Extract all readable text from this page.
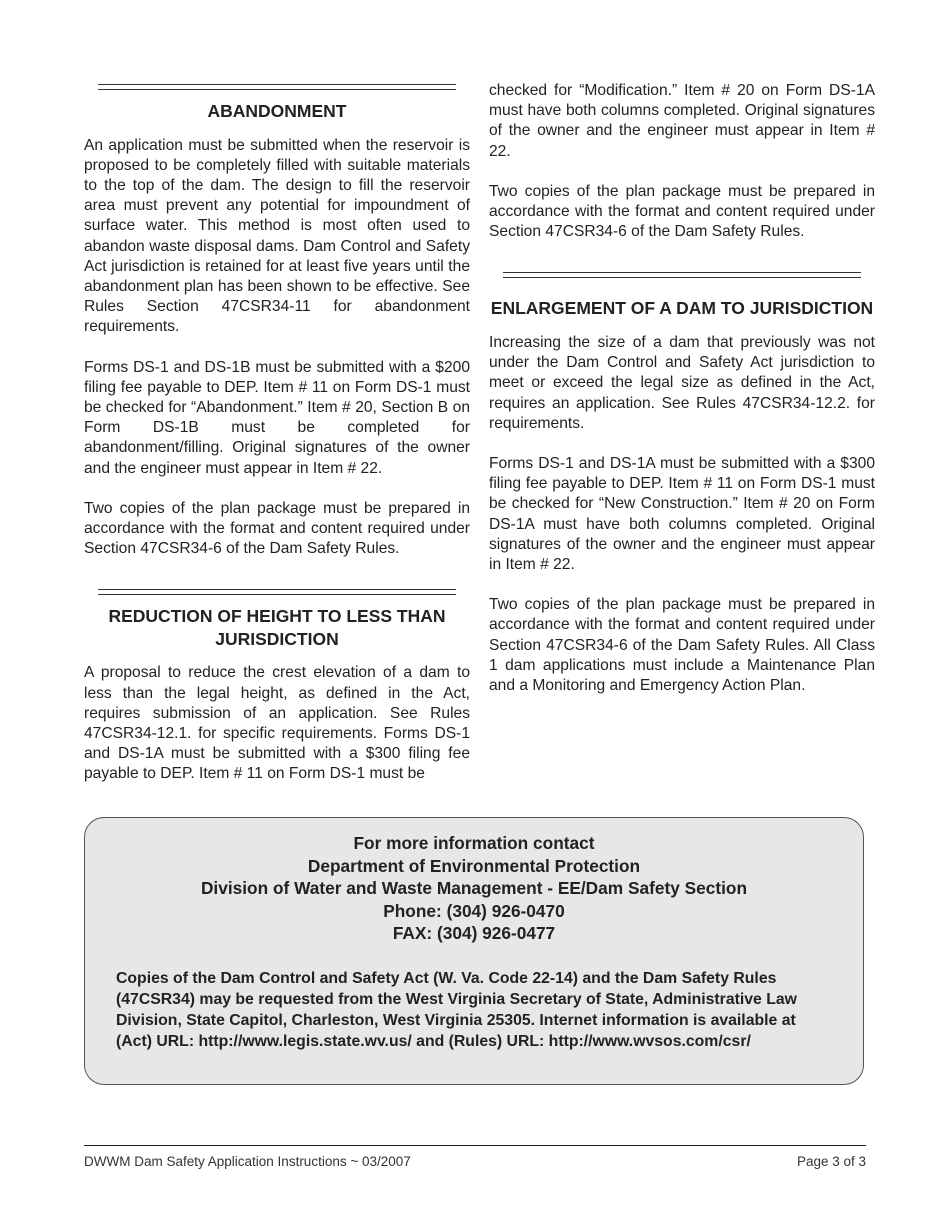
ABANDONMENT

An application must be submitted when the reservoir is proposed to be completely filled with suitable materials to the top of the dam. The design to fill the reservoir area must prevent any potential for impoundment of surface water. This method is most often used to abandon waste disposal dams. Dam Control and Safety Act jurisdiction is retained for at least five years until the abandonment plan has been shown to be effective. See Rules Section 47CSR34-11 for abandonment requirements.

Forms DS-1 and DS-1B must be submitted with a $200 filing fee payable to DEP. Item # 11 on Form DS-1 must be checked for “Abandonment.” Item # 20, Section B on Form DS-1B must be completed for abandonment/filling. Original signatures of the owner and the engineer must appear in Item # 22.

Two copies of the plan package must be prepared in accordance with the format and content required under Section 47CSR34-6 of the Dam Safety Rules.

REDUCTION OF HEIGHT TO LESS THAN JURISDICTION

A proposal to reduce the crest elevation of a dam to less than the legal height, as defined in the Act, requires submission of an application. See Rules 47CSR34-12.1. for specific requirements. Forms DS-1 and DS-1A must be submitted with a $300 filing fee payable to DEP. Item # 11 on Form DS-1 must be

checked for “Modification.” Item # 20 on Form DS-1A must have both columns completed. Original signatures of the owner and the engineer must appear in Item # 22.

Two copies of the plan package must be prepared in accordance with the format and content required under Section 47CSR34-6 of the Dam Safety Rules.

ENLARGEMENT OF A DAM TO JURISDICTION

Increasing the size of a dam that previously was not under the Dam Control and Safety Act jurisdiction to meet or exceed the legal size as defined in the Act, requires an application. See Rules 47CSR34-12.2. for requirements.

Forms DS-1 and DS-1A must be submitted with a $300 filing fee payable to DEP. Item # 11 on Form DS-1 must be checked for “New Construction.” Item # 20 on Form DS-1A must have both columns completed. Original signatures of the owner and the engineer must appear in Item # 22.

Two copies of the plan package must be prepared in accordance with the format and content required under Section 47CSR34-6 of the Dam Safety Rules. All Class 1 dam applications must include a Maintenance Plan and a Monitoring and Emergency Action Plan.

For more information contact
Department of Environmental Protection
Division of Water and Waste Management - EE/Dam Safety Section
Phone: (304) 926-0470
FAX: (304) 926-0477

Copies of the Dam Control and Safety Act (W. Va. Code 22-14) and the Dam Safety Rules (47CSR34) may be requested from the West Virginia Secretary of State, Administrative Law Division, State Capitol, Charleston, West Virginia 25305. Internet information is available at (Act) URL: http://www.legis.state.wv.us/ and (Rules) URL: http://www.wvsos.com/csr/

DWWM Dam Safety Application Instructions ~ 03/2007	Page 3 of 3
